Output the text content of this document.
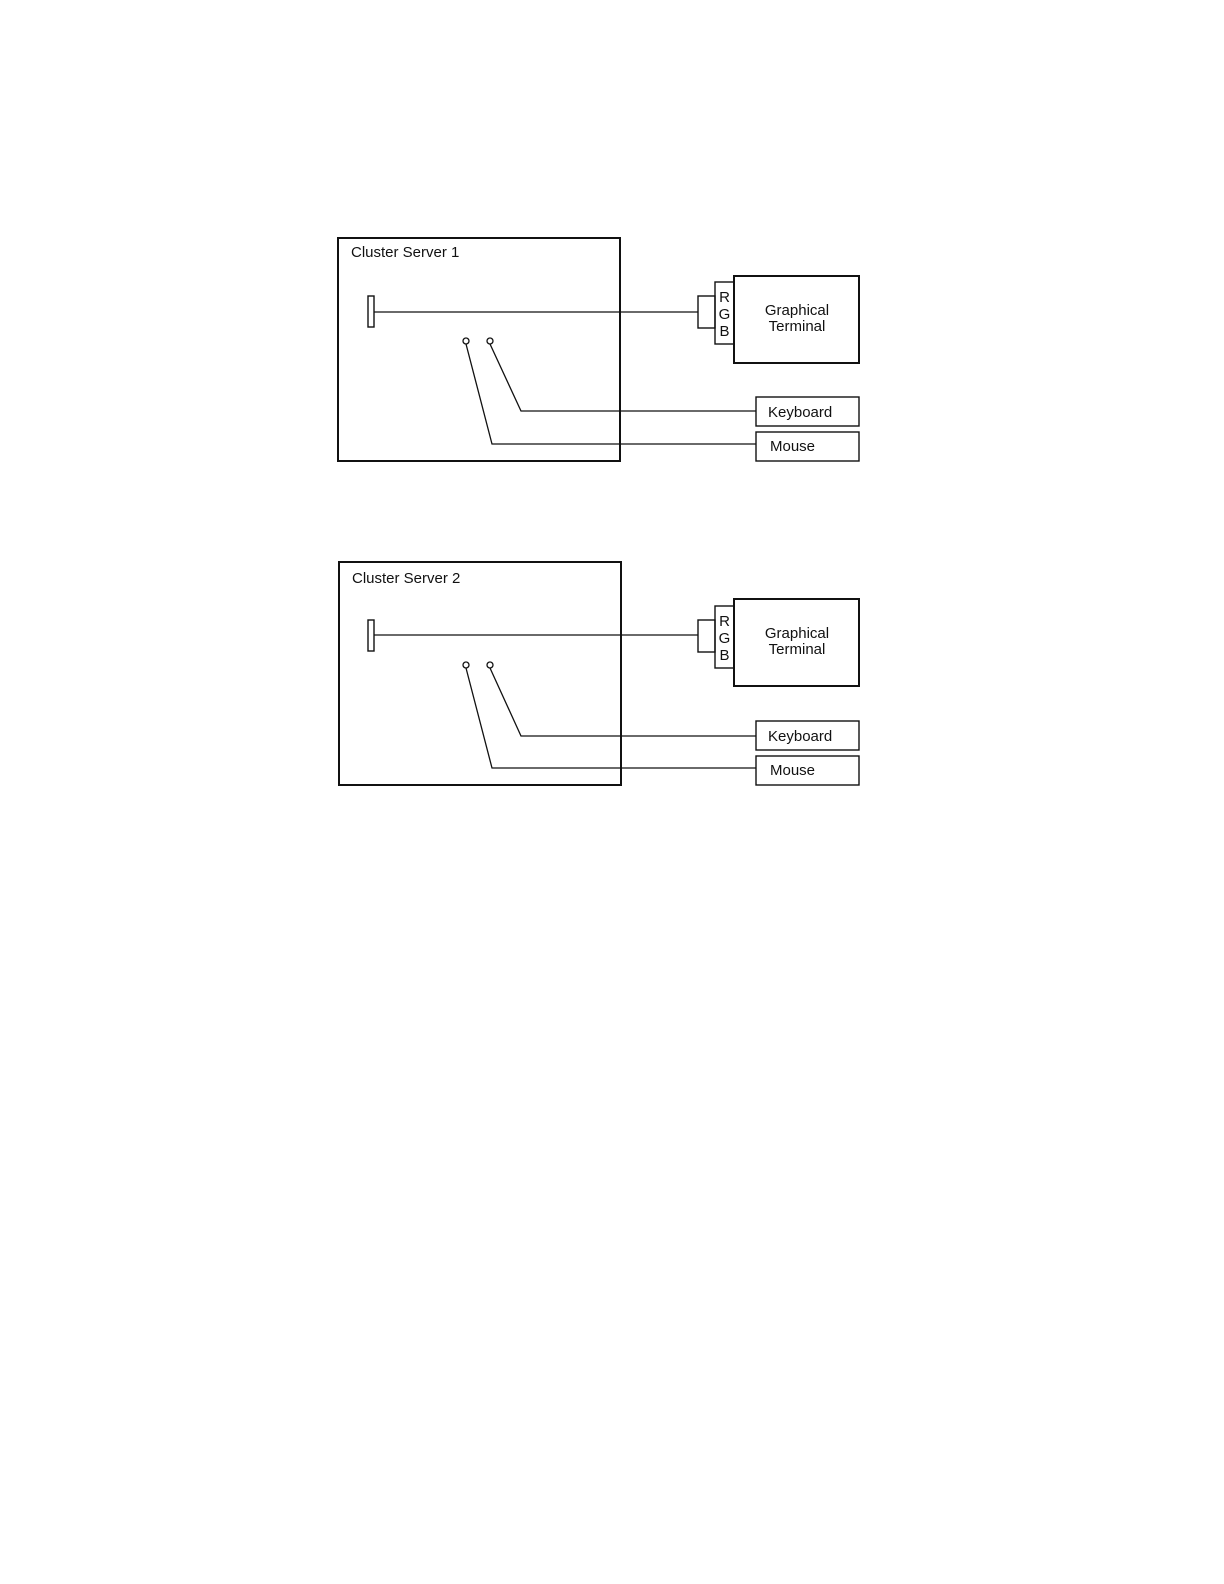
Cluster Server 1
R
G
B
Graphical
Terminal
Keyboard
Mouse
Cluster Server 2
R
G
B
Graphical
Terminal
Keyboard
Mouse
